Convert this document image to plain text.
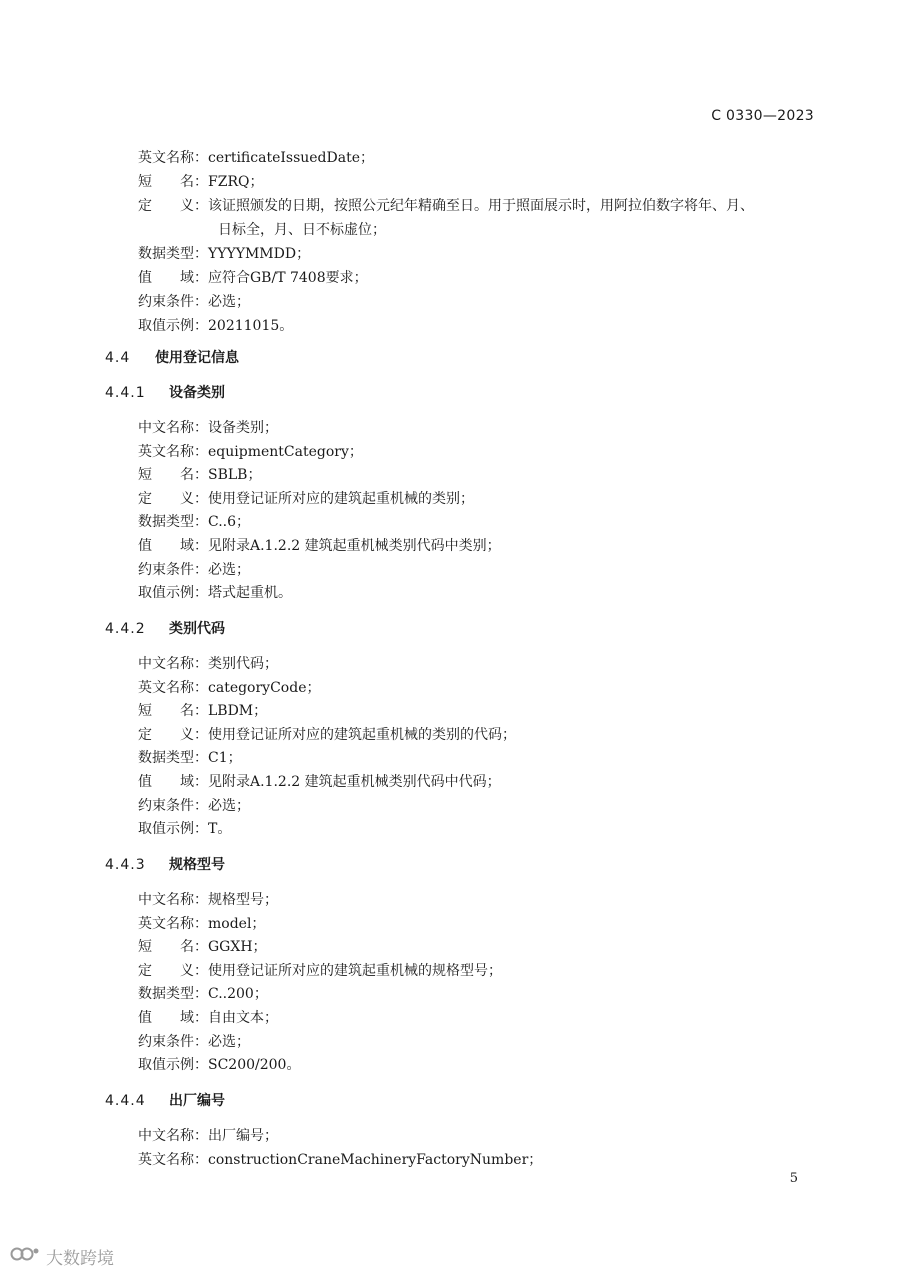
C 0330—2023
英文名称：certificateIssuedDate；
短　　名：FZRQ；
定　　义：该证照颁发的日期，按照公元纪年精确至日。用于照面展示时，用阿拉伯数字将年、月、
日标全，月、日不标虚位；
数据类型：YYYYMMDD；
值　　域：应符合GB/T 7408要求；
约束条件：必选；
取值示例：20211015。
4.4 使用登记信息
4.4.1 设备类别
中文名称：设备类别；
英文名称：equipmentCategory；
短　　名：SBLB；
定　　义：使用登记证所对应的建筑起重机械的类别；
数据类型：C..6；
值　　域：见附录A.1.2.2 建筑起重机械类别代码中类别；
约束条件：必选；
取值示例：塔式起重机。
4.4.2 类别代码
中文名称：类别代码；
英文名称：categoryCode；
短　　名：LBDM；
定　　义：使用登记证所对应的建筑起重机械的类别的代码；
数据类型：C1；
值　　域：见附录A.1.2.2 建筑起重机械类别代码中代码；
约束条件：必选；
取值示例：T。
4.4.3 规格型号
中文名称：规格型号；
英文名称：model；
短　　名：GGXH；
定　　义：使用登记证所对应的建筑起重机械的规格型号；
数据类型：C..200；
值　　域：自由文本；
约束条件：必选；
取值示例：SC200/200。
4.4.4 出厂编号
中文名称：出厂编号；
英文名称：constructionCraneMachineryFactoryNumber；
5
大数跨境
